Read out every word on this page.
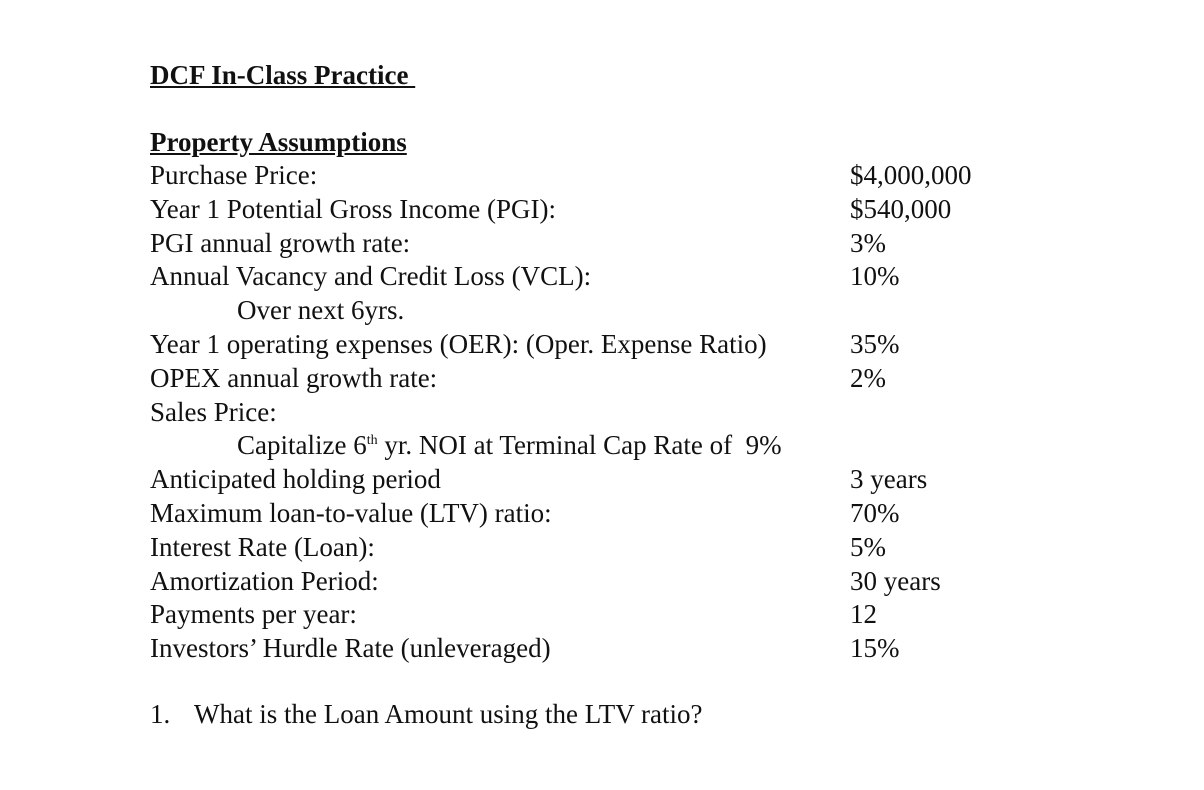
DCF In-Class Practice
Property Assumptions
Purchase Price:	$4,000,000
Year 1 Potential Gross Income (PGI):	$540,000
PGI annual growth rate:	3%
Annual Vacancy and Credit Loss (VCL):	10%
Over next 6yrs.
Year 1 operating expenses (OER): (Oper. Expense Ratio)	35%
OPEX annual growth rate:	2%
Sales Price:
Capitalize 6th yr. NOI at Terminal Cap Rate of  9%
Anticipated holding period	3 years
Maximum loan-to-value (LTV) ratio:	70%
Interest Rate (Loan):	5%
Amortization Period:	30 years
Payments per year:	12
Investors’ Hurdle Rate (unleveraged)	15%
1. What is the Loan Amount using the LTV ratio?
